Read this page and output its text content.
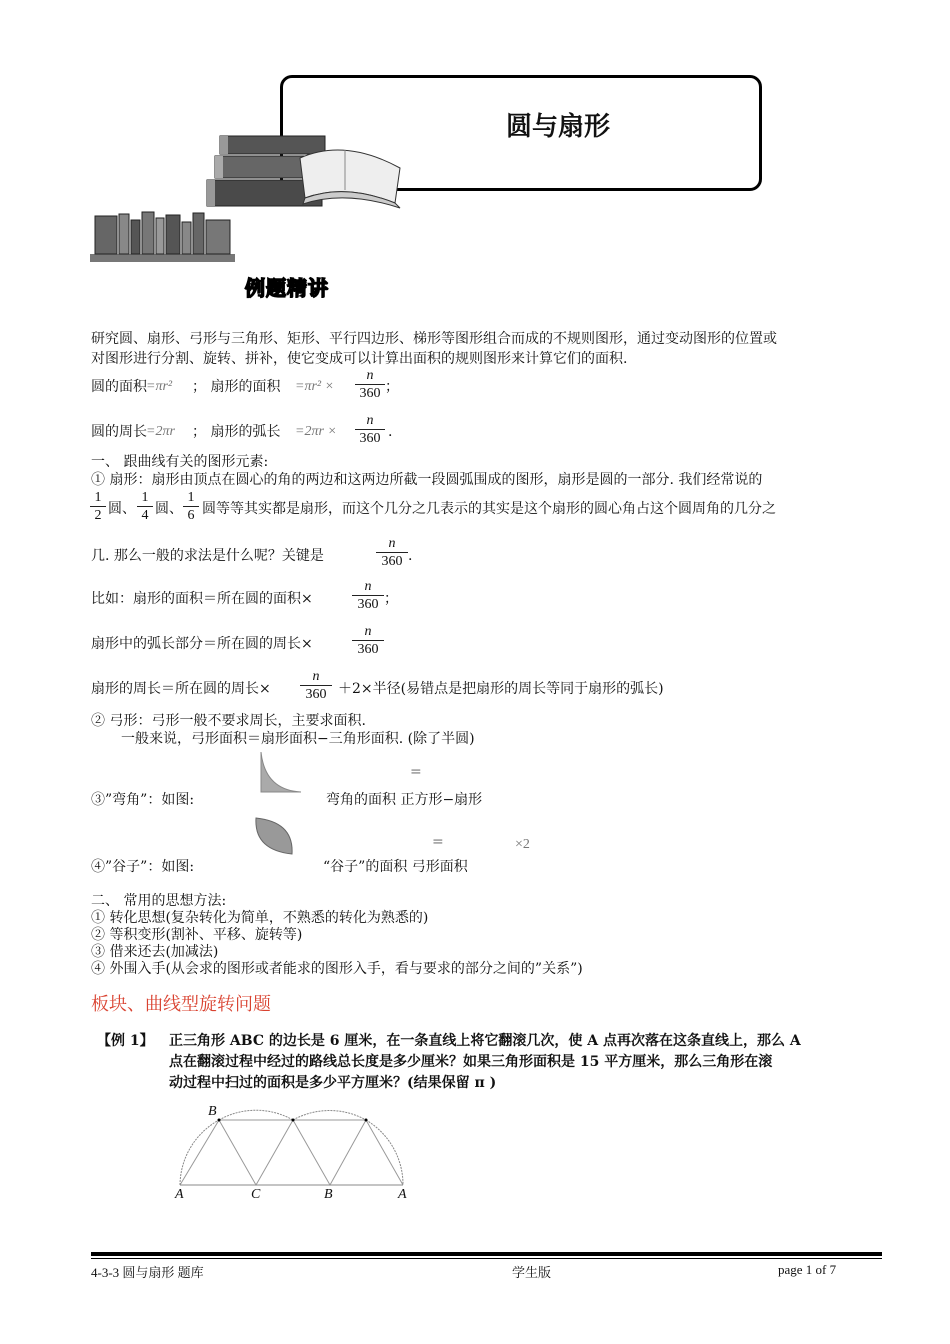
圆与扇形
例题精讲
研究圆、扇形、弓形与三角形、矩形、平行四边形、梯形等图形组合而成的不规则图形，通过变动图形的位置或
对图形进行分割、旋转、拼补，使它变成可以计算出面积的规则图形来计算它们的面积.
圆的面积 =πr² ； 扇形的面积 $=\pi r^2 \times \frac{n}{360}$ ；
圆的周长 =2πr ； 扇形的弧长 $=2\pi r \times \frac{n}{360}$ .
一、 跟曲线有关的图形元素:
① 扇形：扇形由顶点在圆心的角的两边和这两边所截一段圆弧围成的图形，扇形是圆的一部分. 我们经常说的
$\frac{1}{2}$ 圆、 $\frac{1}{4}$ 圆、 $\frac{1}{6}$ 圆等等其实都是扇形，而这个几分之几表示的其实是这个扇形的圆心角占这个圆周角的几分之
几. 那么一般的求法是什么呢？关键是	$\frac{n}{360}$ .
比如：扇形的面积＝所在圆的面积×	$\frac{n}{360}$ ；
扇形中的弧长部分＝所在圆的周长×	$\frac{n}{360}$
扇形的周长＝所在圆的周长× $\frac{n}{360} +2\times$半径(易错点是把扇形的周长等同于扇形的弧长)
② 弓形：弓形一般不要求周长，主要求面积.
一般来说，弓形面积＝扇形面积−三角形面积. (除了半圆)
=
③”弯角”：如图:	弯角的面积 正方形−扇形
=	×2
④”谷子”：如图:	“谷子”的面积 弓形面积
二、 常用的思想方法:
① 转化思想(复杂转化为简单，不熟悉的转化为熟悉的)
② 等积变形(割补、平移、旋转等)
③ 借来还去(加减法)
④ 外围入手(从会求的图形或者能求的图形入手，看与要求的部分之间的”关系”)
板块、曲线型旋转问题
【例 1】 正三角形 ABC 的边长是 6 厘米，在一条直线上将它翻滚几次，使 A 点再次落在这条直线上，那么 A
点在翻滚过程中经过的路线总长度是多少厘米？如果三角形面积是 15 平方厘米，那么三角形在滚
动过程中扫过的面积是多少平方厘米？(结果保留 π )
B
A	C	B	A
4-3-3 圆与扇形 题库	学生版	page 1 of 7
